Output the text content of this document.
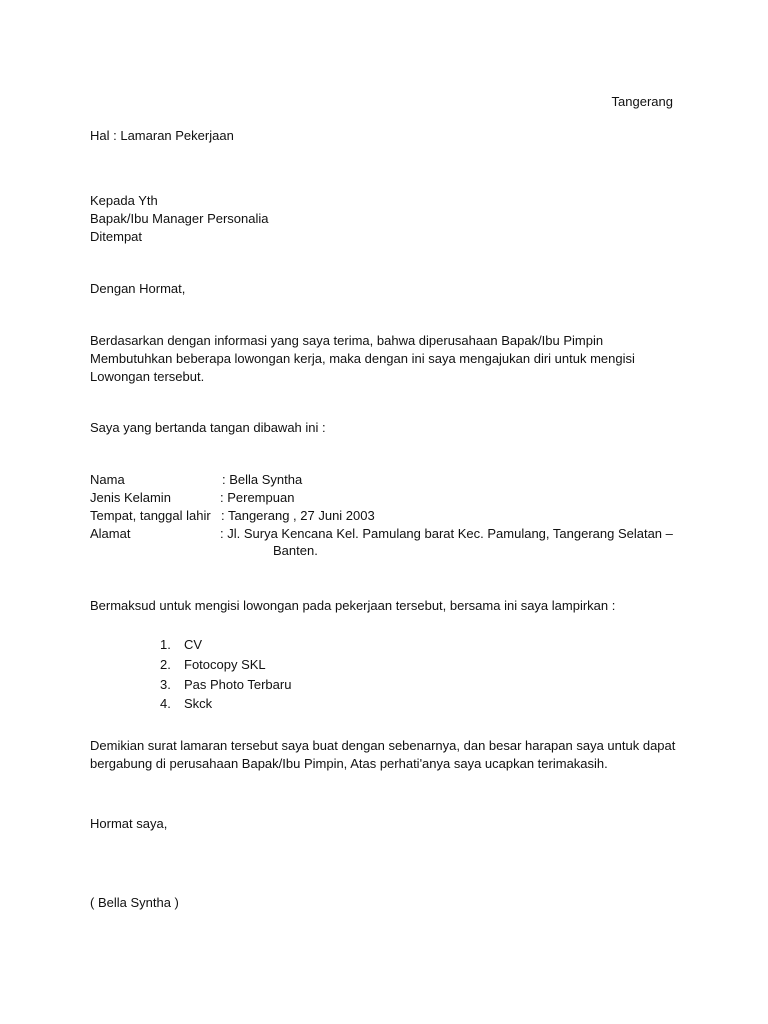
Tangerang
Hal : Lamaran Pekerjaan
Kepada Yth
Bapak/Ibu Manager Personalia
Ditempat
Dengan Hormat,
Berdasarkan dengan informasi yang saya terima, bahwa diperusahaan Bapak/Ibu Pimpin
Membutuhkan beberapa lowongan kerja, maka dengan ini saya mengajukan diri untuk mengisi
Lowongan tersebut.
Saya yang bertanda tangan dibawah ini :
Nama	: Bella Syntha
Jenis Kelamin	: Perempuan
Tempat, tanggal lahir : Tangerang , 27 Juni 2003
Alamat	: Jl. Surya Kencana Kel. Pamulang barat Kec. Pamulang, Tangerang Selatan –
Banten.
Bermaksud untuk mengisi lowongan pada pekerjaan tersebut, bersama ini saya lampirkan :
1.	CV
2.	Fotocopy SKL
3.	Pas Photo Terbaru
4.	Skck
Demikian surat lamaran tersebut saya buat dengan sebenarnya, dan besar harapan saya untuk dapat
bergabung di perusahaan Bapak/Ibu Pimpin, Atas perhati'anya saya ucapkan terimakasih.
Hormat saya,
( Bella Syntha )
